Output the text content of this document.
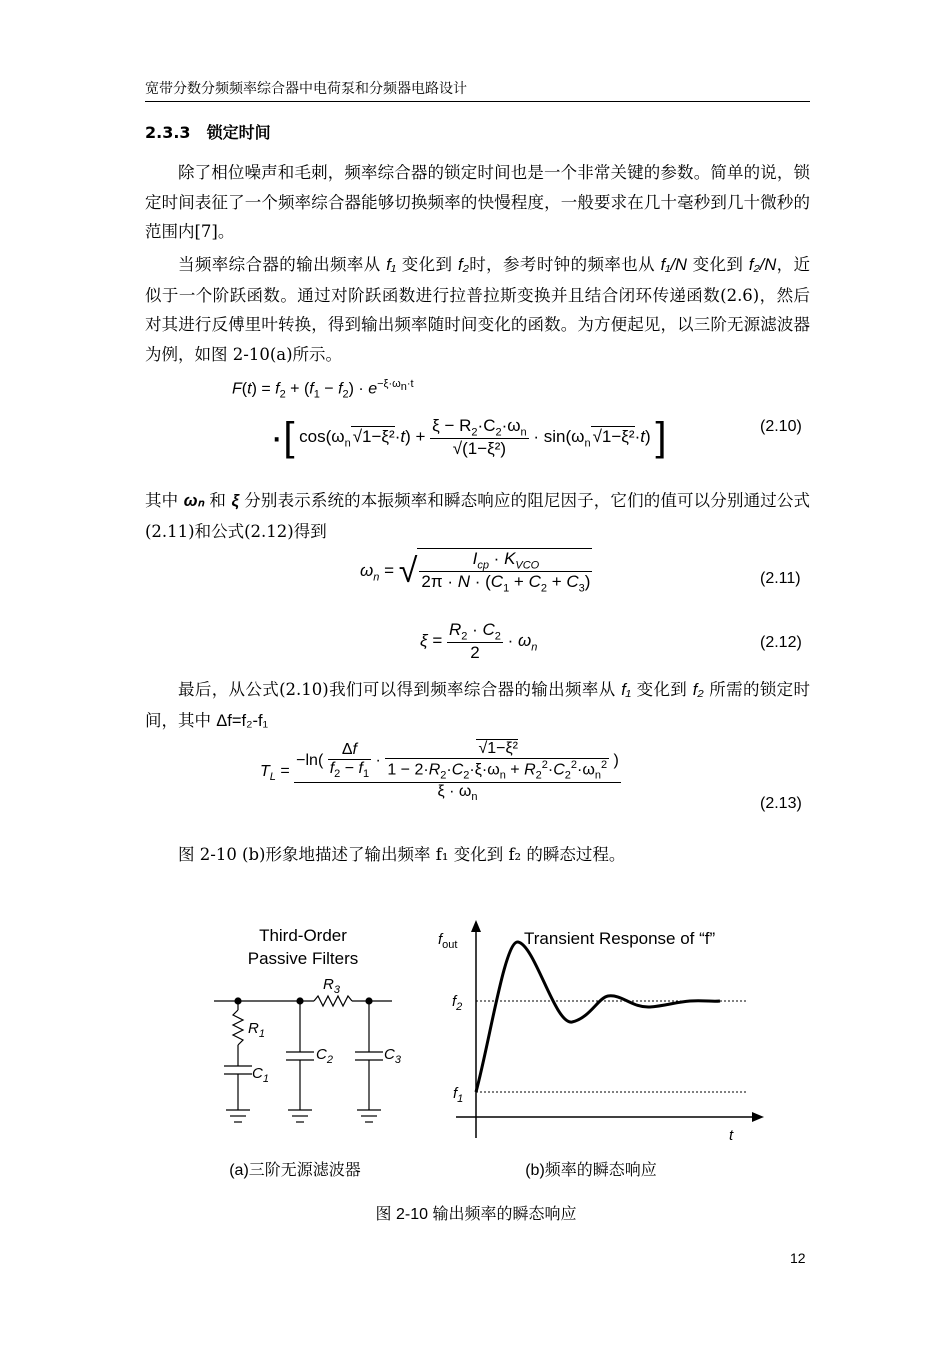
宽带分数分频频率综合器中电荷泵和分频器电路设计
2.3.3 锁定时间
除了相位噪声和毛刺，频率综合器的锁定时间也是一个非常关键的参数。简单的说，锁定时间表征了一个频率综合器能够切换频率的快慢程度，一般要求在几十毫秒到几十微秒的范围内[7]。
当频率综合器的输出频率从 f₁ 变化到 f₂时，参考时钟的频率也从 f₁/N 变化到 f₂/N，近似于一个阶跃函数。通过对阶跃函数进行拉普拉斯变换并且结合闭环传递函数(2.6)，然后对其进行反傅里叶转换，得到输出频率随时间变化的函数。为方便起见，以三阶无源滤波器为例，如图 2-10(a)所示。
$F(t) = f_2 + (f_1 - f_2) \cdot e^{-\xi\cdot\omega_n\cdot t}$
·[ $\cos(\omega_n$ $√1-\xi^2\cdot t) + \frac{\xi - R_2\cdot C_2\cdot\omega_n}{\text{√(1−ξ²)}} \cdot \sin(\omega_n$ √1−ξ²·t) ]	(2.10)
其中 ωₙ 和 ξ 分别表示系统的本振频率和瞬态响应的阻尼因子，它们的值可以分别通过公式(2.11)和公式(2.12)得到
$\omega_n$ = √ $\frac{I_{cp} \cdot K_{VCO}}{2\pi \cdot N \cdot (C_1 + C_2 + C_3)}$	(2.11)
$\xi = \frac{R_2 \cdot C_2}{2} \cdot \omega_n$	(2.12)
最后，从公式(2.10)我们可以得到频率综合器的输出频率从 f₁ 变化到 f₂ 所需的锁定时间，其中 Δf=f₂-f₁
$T_L = \frac{-\ln( \frac{\Delta f}{f_2 - f_1} \cdot \frac{\text{√1−ξ²}}{1 - 2\cdot R_2\cdot C_2\cdot\xi\cdot\omega_n + R_2^2\cdot C_2^2\cdot\omega_n^2} )}{\xi \cdot \omega_n}$
(2.13)
图 2-10 (b)形象地描述了输出频率 f₁ 变化到 f₂ 的瞬态过程。
Third-Order
Passive Filters
$R_3$
$R_1$
$C_1$
$C_2$	$C_3$
$f_{out}$
t
Transient Response of “f”
$f_2$
$f_1$
(a)三阶无源滤波器	(b)频率的瞬态响应
图 2-10 输出频率的瞬态响应
12
